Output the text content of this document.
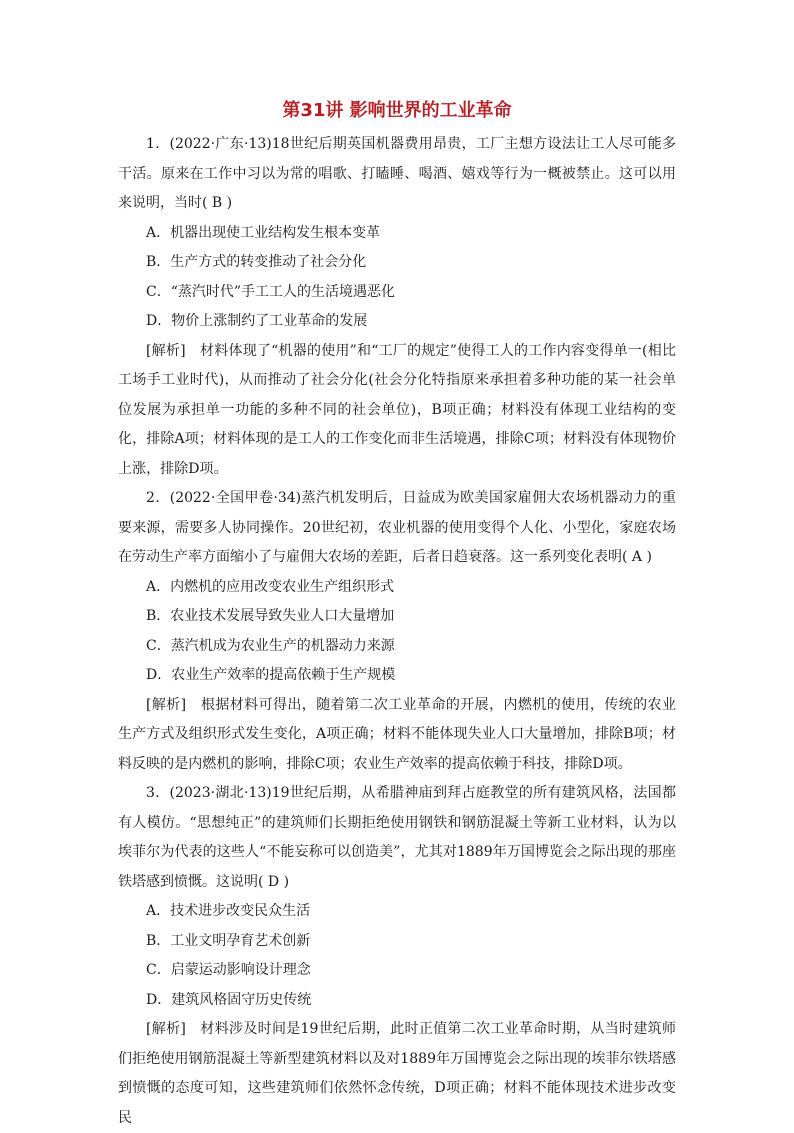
第31讲 影响世界的工业革命

1．(2022·广东·13)18世纪后期英国机器费用昂贵，工厂主想方设法让工人尽可能多干活。原来在工作中习以为常的唱歌、打瞌睡、喝酒、嬉戏等行为一概被禁止。这可以用来说明，当时( B )

A．机器出现使工业结构发生根本变革

B．生产方式的转变推动了社会分化

C．“蒸汽时代”手工工人的生活境遇恶化

D．物价上涨制约了工业革命的发展

[解析]　材料体现了“机器的使用”和“工厂的规定”使得工人的工作内容变得单一(相比工场手工业时代)，从而推动了社会分化(社会分化特指原来承担着多种功能的某一社会单位发展为承担单一功能的多种不同的社会单位)，B项正确；材料没有体现工业结构的变化，排除A项；材料体现的是工人的工作变化而非生活境遇，排除C项；材料没有体现物价上涨，排除D项。

2．(2022·全国甲卷·34)蒸汽机发明后，日益成为欧美国家雇佣大农场机器动力的重要来源，需要多人协同操作。20世纪初，农业机器的使用变得个人化、小型化，家庭农场在劳动生产率方面缩小了与雇佣大农场的差距，后者日趋衰落。这一系列变化表明( A )

A．内燃机的应用改变农业生产组织形式

B．农业技术发展导致失业人口大量增加

C．蒸汽机成为农业生产的机器动力来源

D．农业生产效率的提高依赖于生产规模

[解析]　根据材料可得出，随着第二次工业革命的开展，内燃机的使用，传统的农业生产方式及组织形式发生变化，A项正确；材料不能体现失业人口大量增加，排除B项；材料反映的是内燃机的影响，排除C项；农业生产效率的提高依赖于科技，排除D项。

3．(2023·湖北·13)19世纪后期，从希腊神庙到拜占庭教堂的所有建筑风格，法国都有人模仿。“思想纯正”的建筑师们长期拒绝使用钢铁和钢筋混凝土等新工业材料，认为以埃菲尔为代表的这些人“不能妄称可以创造美”，尤其对1889年万国博览会之际出现的那座铁塔感到愤慨。这说明( D )

A．技术进步改变民众生活

B．工业文明孕育艺术创新

C．启蒙运动影响设计理念

D．建筑风格固守历史传统

[解析]　材料涉及时间是19世纪后期，此时正值第二次工业革命时期，从当时建筑师们拒绝使用钢筋混凝土等新型建筑材料以及对1889年万国博览会之际出现的埃菲尔铁塔感到愤慨的态度可知，这些建筑师们依然怀念传统，D项正确；材料不能体现技术进步改变民
